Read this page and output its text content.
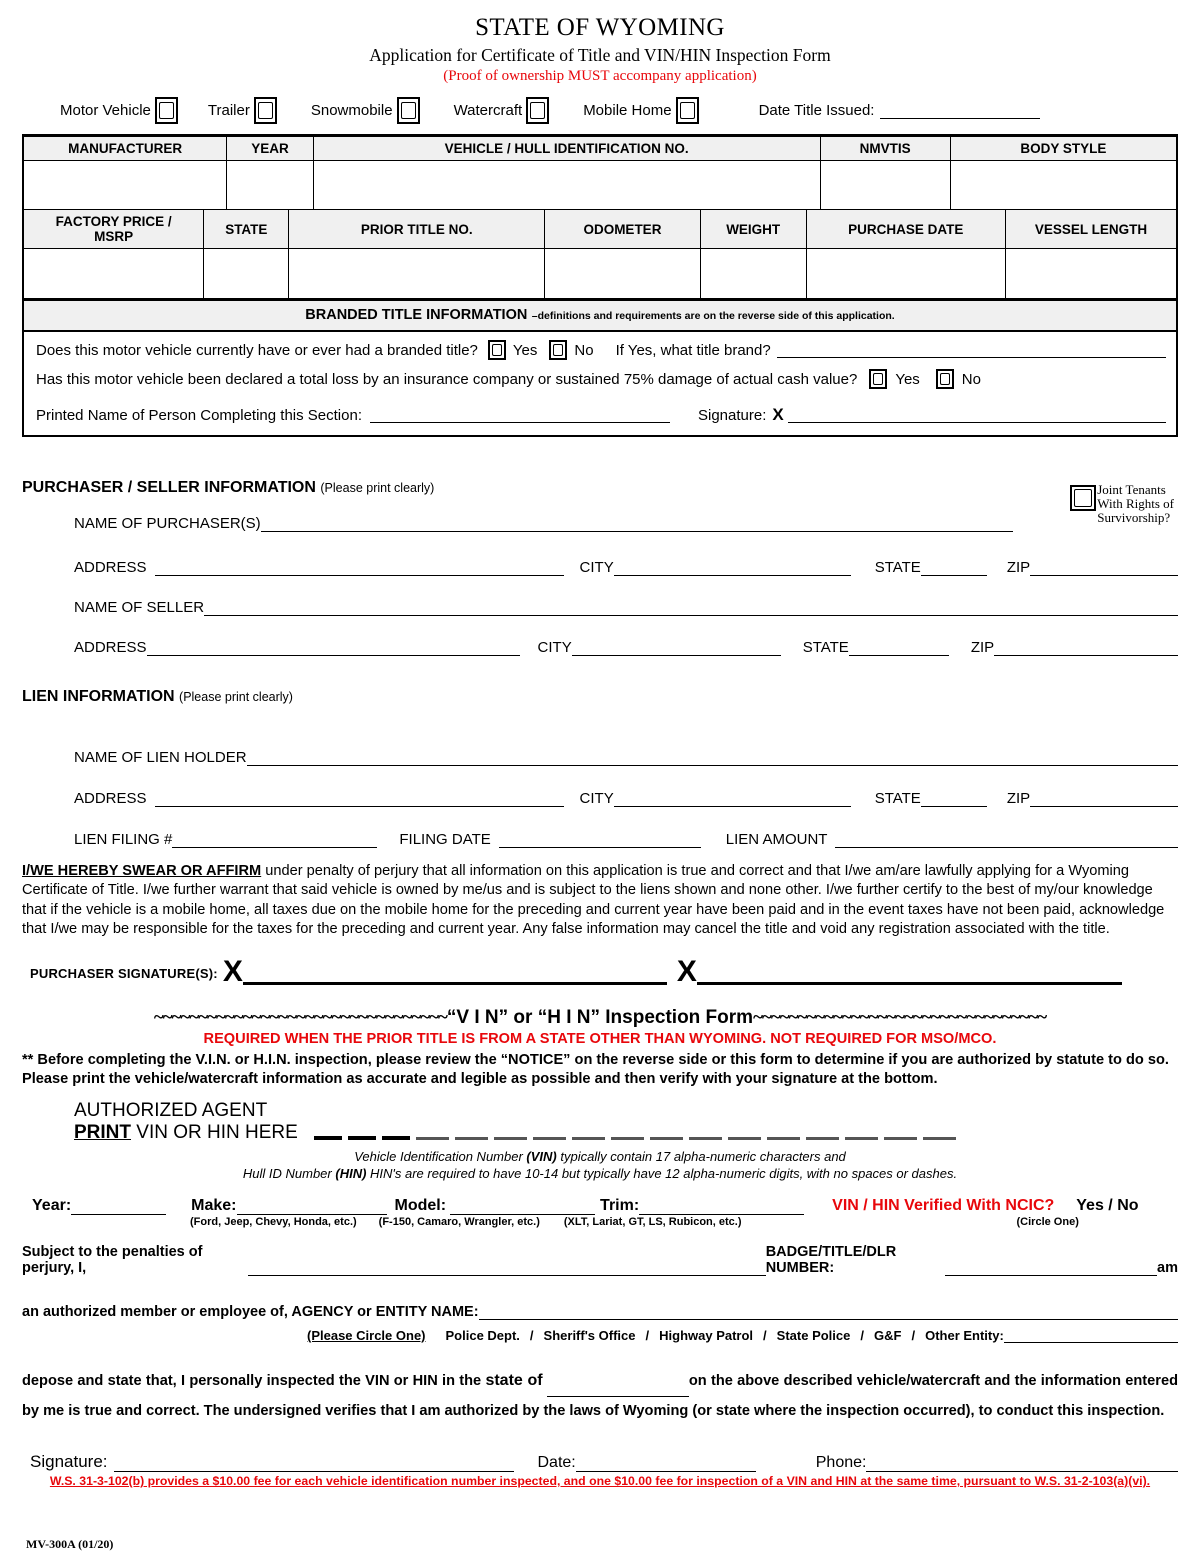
STATE OF WYOMING
Application for Certificate of Title and VIN/HIN Inspection Form
(Proof of ownership MUST accompany application)
Motor Vehicle	Trailer	Snowmobile	Watercraft	Mobile Home	Date Title Issued:
MANUFACTURER	YEAR	VEHICLE / HULL IDENTIFICATION NO.	NMVTIS	BODY STYLE

FACTORY PRICE /
MSRP	STATE	PRIOR TITLE NO.	ODOMETER	WEIGHT	PURCHASE DATE	VESSEL LENGTH

BRANDED TITLE INFORMATION –definitions and requirements are on the reverse side of this application.
Does this motor vehicle currently have or ever had a branded title? Yes No If Yes, what title brand?
Has this motor vehicle been declared a total loss by an insurance company or sustained 75% damage of actual cash value?	Yes	No
Printed Name of Person Completing this Section:	Signature: X
PURCHASER / SELLER INFORMATION (Please print clearly)	Joint Tenants
With Rights of
Survivorship?
NAME OF PURCHASER(S)
ADDRESS	CITY	STATE	ZIP
NAME OF SELLER
ADDRESS	CITY	STATE	ZIP
LIEN INFORMATION (Please print clearly)
NAME OF LIEN HOLDER
ADDRESS	CITY	STATE	ZIP
LIEN FILING #	FILING DATE	LIEN AMOUNT
I/WE HEREBY SWEAR OR AFFIRM under penalty of perjury that all information on this application is true and correct and that I/we am/are lawfully applying for a Wyoming Certificate of Title. I/we further warrant that said vehicle is owned by me/us and is subject to the liens shown and none other. I/we further certify to the best of my/our knowledge that if the vehicle is a mobile home, all taxes due on the mobile home for the preceding and current year have been paid and in the event taxes have not been paid, acknowledge that I/we may be responsible for the taxes for the preceding and current year. Any false information may cancel the title and void any registration associated with the title.
PURCHASER SIGNATURE(S): X	X
~~~~~~~~~~~~~~~~~~~~~~~~~~~~~~~~~“V I N” or “H I N” Inspection Form~~~~~~~~~~~~~~~~~~~~~~~~~~~~~~~~~
REQUIRED WHEN THE PRIOR TITLE IS FROM A STATE OTHER THAN WYOMING. NOT REQUIRED FOR MSO/MCO.
** Before completing the V.I.N. or H.I.N. inspection, please review the “NOTICE” on the reverse side or this form to determine if you are authorized by statute to do so. Please print the vehicle/watercraft information as accurate and legible as possible and then verify with your signature at the bottom.
AUTHORIZED AGENT
PRINT VIN OR HIN HERE
Vehicle Identification Number (VIN) typically contain 17 alpha-numeric characters and
Hull ID Number (HIN) HIN's are required to have 10-14 but typically have 12 alpha-numeric digits, with no spaces or dashes.
Year:	Make:	Model:	Trim:	VIN / HIN Verified With NCIC? Yes / No
(Ford, Jeep, Chevy, Honda, etc.) (F-150, Camaro, Wrangler, etc.) (XLT, Lariat, GT, LS, Rubicon, etc.)	(Circle One)
Subject to the penalties of perjury, I,
BADGE/TITLE/DLR NUMBER:	am
an authorized member or employee of, AGENCY or ENTITY NAME:
(Please Circle One) Police Dept. / Sheriff's Office / Highway Patrol / State Police / G&F / Other Entity:
depose and state that, I personally inspected the VIN or HIN in the state of	on the above described vehicle/watercraft and the information entered by me is true and correct. The undersigned verifies that I am authorized by the laws of Wyoming (or state where the inspection occurred), to conduct this inspection.
Signature:	Date:	Phone:
W.S. 31-3-102(b) provides a $10.00 fee for each vehicle identification number inspected, and one $10.00 fee for inspection of a VIN and HIN at the same time, pursuant to W.S. 31-2-103(a)(vi).
MV-300A (01/20)
